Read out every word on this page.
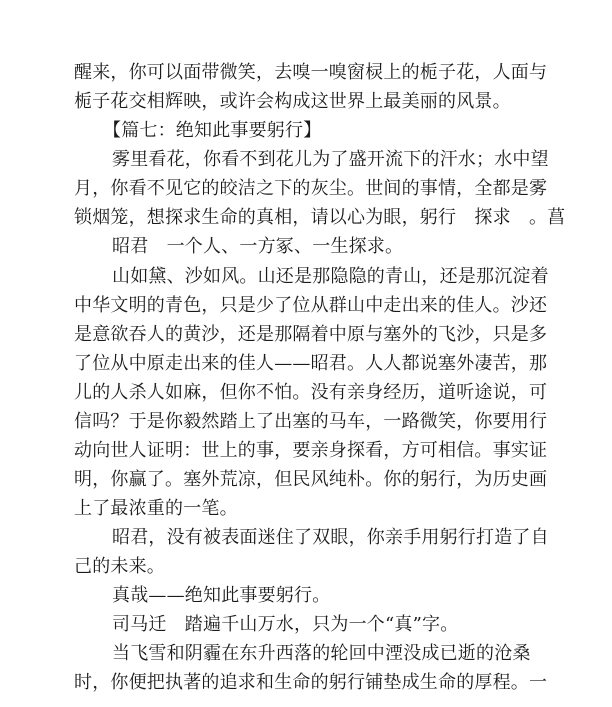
醒来，你可以面带微笑，去嗅一嗅窗棂上的栀子花，人面与
栀子花交相辉映，或许会构成这世界上最美丽的风景。
【篇七：绝知此事要躬行】
雾里看花，你看不到花儿为了盛开流下的汗水；水中望
月，你看不见它的皎洁之下的灰尘。世间的事情，全都是雾
锁烟笼，想探求生命的真相，请以心为眼，躬行　探求　。菖
昭君　一个人、一方冢、一生探求。
山如黛、沙如风。山还是那隐隐的青山，还是那沉淀着
中华文明的青色，只是少了位从群山中走出来的佳人。沙还
是意欲吞人的黄沙，还是那隔着中原与塞外的飞沙，只是多
了位从中原走出来的佳人——昭君。人人都说塞外凄苦，那
儿的人杀人如麻，但你不怕。没有亲身经历，道听途说，可
信吗？于是你毅然踏上了出塞的马车，一路微笑，你要用行
动向世人证明：世上的事，要亲身探看，方可相信。事实证
明，你赢了。塞外荒凉，但民风纯朴。你的躬行，为历史画
上了最浓重的一笔。
昭君，没有被表面迷住了双眼，你亲手用躬行打造了自
己的未来。
真哉——绝知此事要躬行。
司马迁　踏遍千山万水，只为一个“真”字。
当飞雪和阴霾在东升西落的轮回中湮没成已逝的沧桑
时，你便把执著的追求和生命的躬行铺垫成生命的厚程。一
